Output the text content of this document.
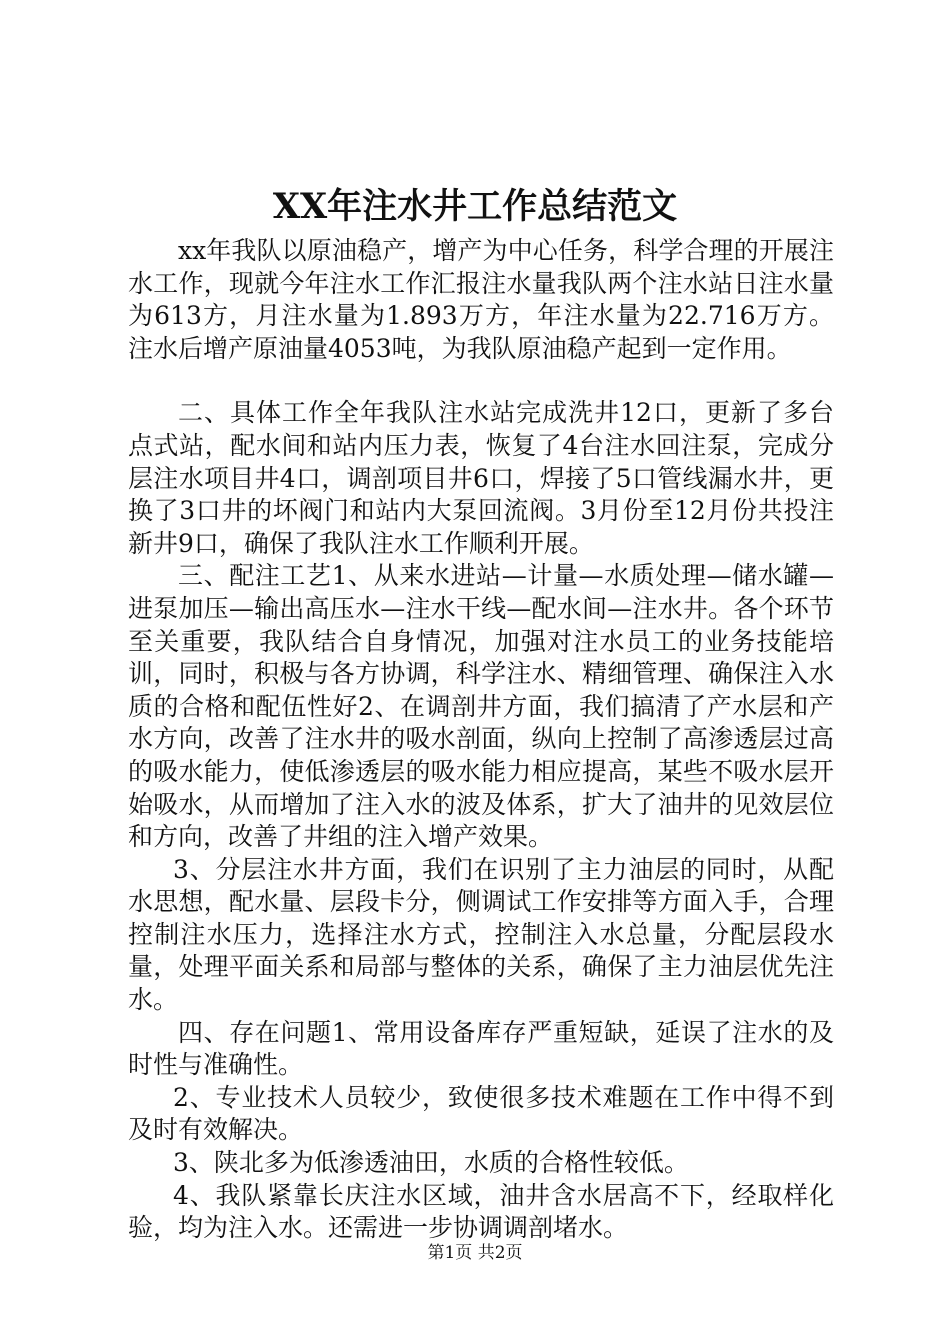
XX年注水井工作总结范文

xx年我队以原油稳产，增产为中心任务，科学合理的开展注水工作，现就今年注水工作汇报注水量我队两个注水站日注水量为613方，月注水量为1.893万方，年注水量为22.716万方。注水后增产原油量4053吨，为我队原油稳产起到一定作用。

二、具体工作全年我队注水站完成洗井12口，更新了多台点式站，配水间和站内压力表，恢复了4台注水回注泵，完成分层注水项目井4口，调剖项目井6口，焊接了5口管线漏水井，更换了3口井的坏阀门和站内大泵回流阀。3月份至12月份共投注新井9口，确保了我队注水工作顺利开展。

三、配注工艺1、从来水进站—计量—水质处理—储水罐—进泵加压—输出高压水—注水干线—配水间—注水井。各个环节至关重要，我队结合自身情况，加强对注水员工的业务技能培训，同时，积极与各方协调，科学注水、精细管理、确保注入水质的合格和配伍性好2、在调剖井方面，我们搞清了产水层和产水方向，改善了注水井的吸水剖面，纵向上控制了高渗透层过高的吸水能力，使低渗透层的吸水能力相应提高，某些不吸水层开始吸水，从而增加了注入水的波及体系，扩大了油井的见效层位和方向，改善了井组的注入增产效果。

3、分层注水井方面，我们在识别了主力油层的同时，从配水思想，配水量、层段卡分，侧调试工作安排等方面入手，合理控制注水压力，选择注水方式，控制注入水总量，分配层段水量，处理平面关系和局部与整体的关系，确保了主力油层优先注水。

四、存在问题1、常用设备库存严重短缺，延误了注水的及时性与准确性。

2、专业技术人员较少，致使很多技术难题在工作中得不到及时有效解决。

3、陕北多为低渗透油田，水质的合格性较低。

4、我队紧靠长庆注水区域，油井含水居高不下，经取样化验，均为注入水。还需进一步协调调剖堵水。

第1页 共2页
